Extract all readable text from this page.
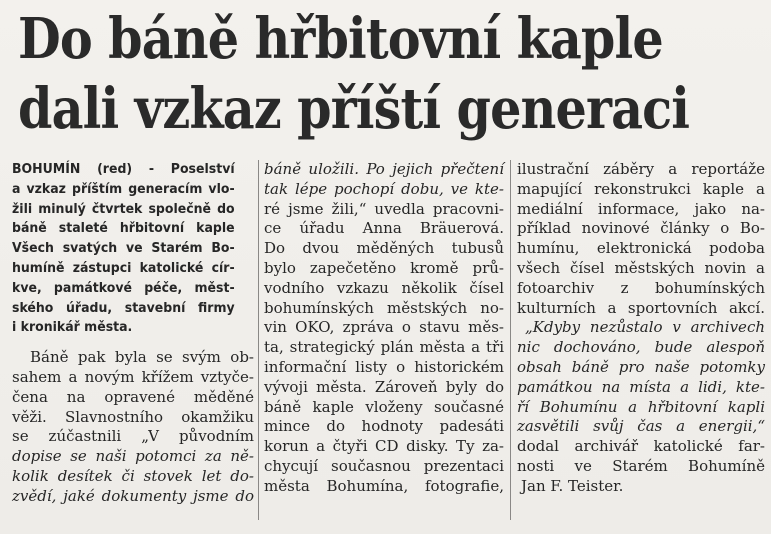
Do báně hřbitovní kaple
dali vzkaz příští generaci
BOHUMÍN (red) - Poselství
a vzkaz příštím generacím vlo-
žili minulý čtvrtek společně do
báně staleté hřbitovní kaple
Všech svatých ve Starém Bo-
humíně zástupci katolické cír-
kve, památkové péče, měst-
ského úřadu, stavební firmy
i kronikář města.
Báně pak byla se svým ob-
sahem a novým křížem vztyče-
čena na opravené měděné
věži. Slavnostního okamžiku
se zúčastnili „V původním
dopise se naši potomci za ně-
kolik desítek či stovek let do-
zvědí, jaké dokumenty jsme do
báně uložili. Po jejich přečtení
tak lépe pochopí dobu, ve kte-
ré jsme žili,“ uvedla pracovni-
ce úřadu Anna Bräuerová.
Do dvou měděných tubusů
bylo zapečetěno kromě prů-
vodního vzkazu několik čísel
bohumínských městských no-
vin OKO, zpráva o stavu měs-
ta, strategický plán města a tři
informační listy o historickém
vývoji města. Zároveň byly do
báně kaple vloženy současné
mince do hodnoty padesáti
korun a čtyři CD disky. Ty za-
chycují současnou prezentaci
města Bohumína, fotografie,
ilustrační záběry a reportáže
mapující rekonstrukci kaple a
mediální informace, jako na-
příklad novinové články o Bo-
humínu, elektronická podoba
všech čísel městských novin a
fotoarchiv z bohumínských
kulturních a sportovních akcí.
„Kdyby nezůstalo v archivech
nic dochováno, bude alespoň
obsah báně pro naše potomky
památkou na místa a lidi, kte-
ří Bohumínu a hřbitovní kapli
zasvětili svůj čas a energii,“
dodal archivář katolické far-
nosti ve Starém Bohumíně
Jan F. Teister.
